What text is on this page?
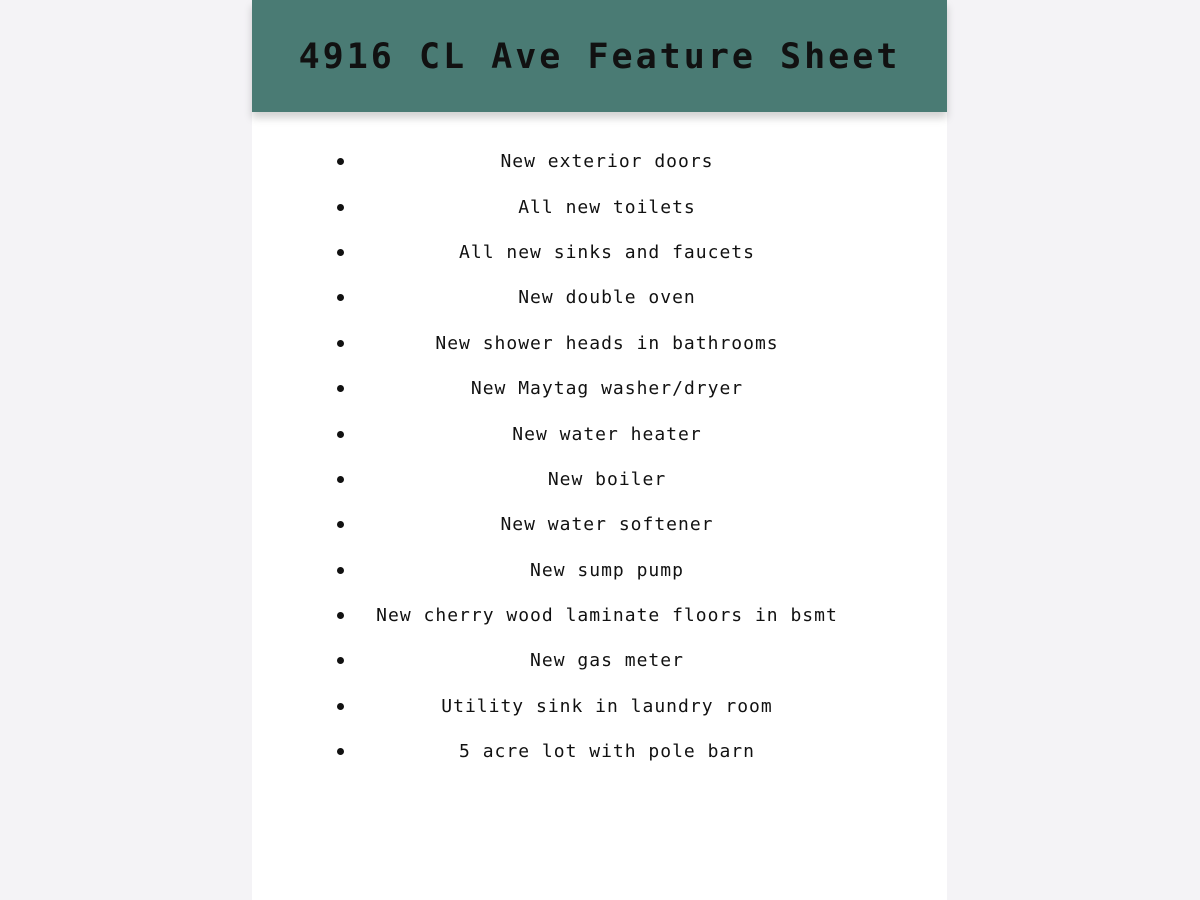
4916 CL Ave Feature Sheet
New exterior doors
All new toilets
All new sinks and faucets
New double oven
New shower heads in bathrooms
New Maytag washer/dryer
New water heater
New boiler
New water softener
New sump pump
New cherry wood laminate floors in bsmt
New gas meter
Utility sink in laundry room
5 acre lot with pole barn
